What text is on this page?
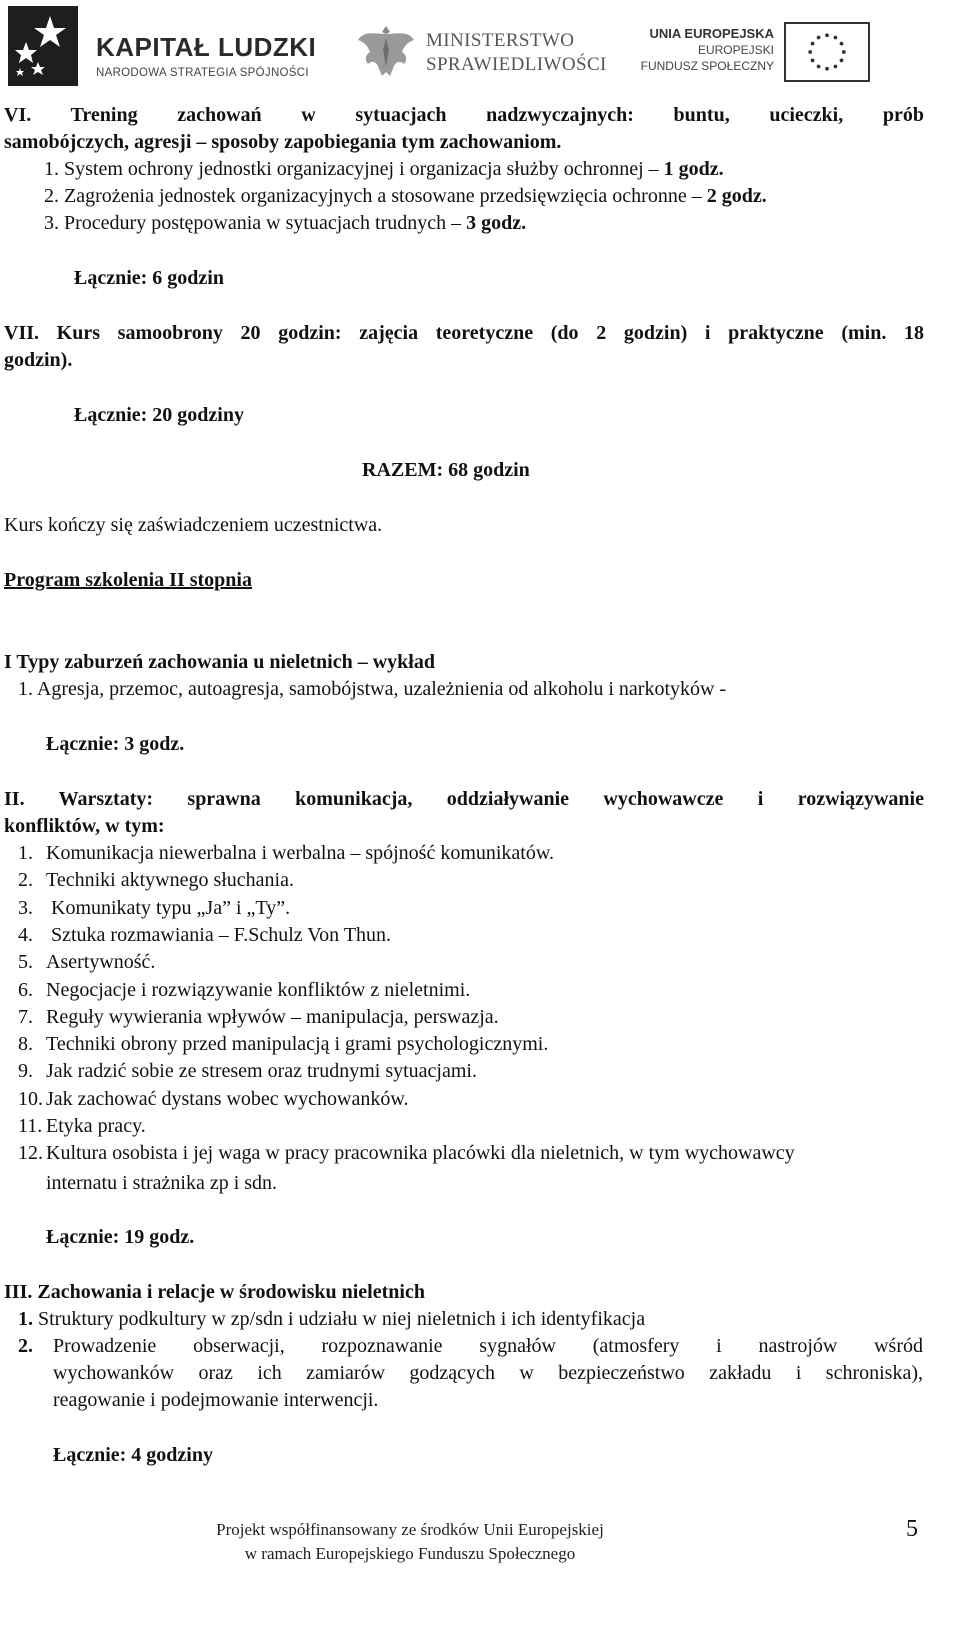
KAPITAŁ LUDZKI
NARODOWA STRATEGIA SPÓJNOŚCI
MINISTERSTWO
SPRAWIEDLIWOŚCI
UNIA EUROPEJSKA
EUROPEJSKI
FUNDUSZ SPOŁECZNY
VI. Trening zachowań w sytuacjach nadzwyczajnych: buntu, ucieczki, prób
samobójczych, agresji – sposoby zapobiegania tym zachowaniom.
1. System ochrony jednostki organizacyjnej i organizacja służby ochronnej – 1 godz.
2. Zagrożenia jednostek organizacyjnych a stosowane przedsięwzięcia ochronne – 2 godz.
3. Procedury postępowania w sytuacjach trudnych – 3 godz.
Łącznie: 6 godzin
VII. Kurs samoobrony 20 godzin: zajęcia teoretyczne (do 2 godzin) i praktyczne (min. 18
godzin).
Łącznie: 20 godziny
RAZEM: 68 godzin
Kurs kończy się zaświadczeniem uczestnictwa.
Program szkolenia II stopnia
I Typy zaburzeń zachowania u nieletnich – wykład
1. Agresja, przemoc, autoagresja, samobójstwa, uzależnienia od alkoholu i narkotyków -
Łącznie: 3 godz.
II. Warsztaty: sprawna komunikacja, oddziaływanie wychowawcze i rozwiązywanie
konfliktów, w tym:
1. Komunikacja niewerbalna i werbalna – spójność komunikatów.
2. Techniki aktywnego słuchania.
3. Komunikaty typu „Ja” i „Ty”.
4. Sztuka rozmawiania – F.Schulz Von Thun.
5. Asertywność.
6. Negocjacje i rozwiązywanie konfliktów z nieletnimi.
7. Reguły wywierania wpływów – manipulacja, perswazja.
8. Techniki obrony przed manipulacją i grami psychologicznymi.
9. Jak radzić sobie ze stresem oraz trudnymi sytuacjami.
10. Jak zachować dystans wobec wychowanków.
11. Etyka pracy.
12. Kultura osobista i jej waga w pracy pracownika placówki dla nieletnich, w tym wychowawcy
internatu i strażnika zp i sdn.
Łącznie: 19 godz.
III. Zachowania i relacje w środowisku nieletnich
1. Struktury podkultury w zp/sdn i udziału w niej nieletnich i ich identyfikacja
2. Prowadzenie obserwacji, rozpoznawanie sygnałów (atmosfery i nastrojów wśród
wychowanków oraz ich zamiarów godzących w bezpieczeństwo zakładu i schroniska),
reagowanie i podejmowanie interwencji.
Łącznie: 4 godziny
Projekt współfinansowany ze środków Unii Europejskiej
w ramach Europejskiego Funduszu Społecznego
5
